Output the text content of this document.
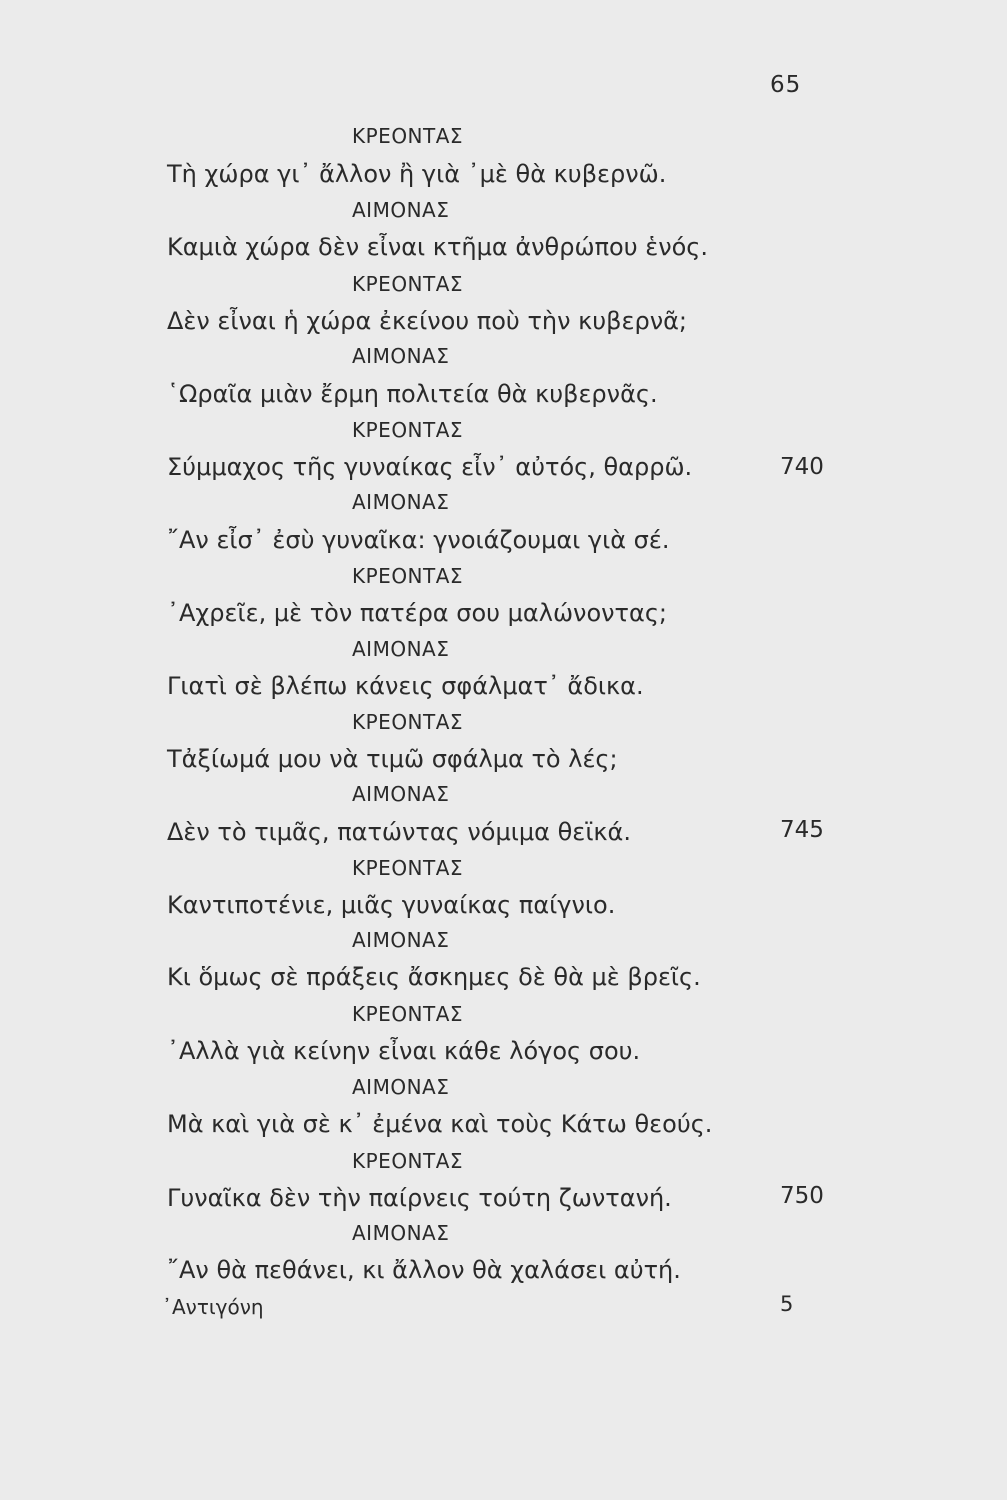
65
ΚΡΕΟΝΤΑΣ
Τὴ χώρα γι᾿ ἄλλον ἢ γιὰ ᾿μὲ θὰ κυβερνῶ.
ΑΙΜΟΝΑΣ
Καμιὰ χώρα δὲν εἶναι κτῆμα ἀνθρώπου ἑνός.
ΚΡΕΟΝΤΑΣ
Δὲν εἶναι ἡ χώρα ἐκείνου ποὺ τὴν κυβερνᾶ;
ΑΙΜΟΝΑΣ
῾Ωραῖα μιὰν ἔρμη πολιτεία θὰ κυβερνᾶς.
ΚΡΕΟΝΤΑΣ
Σύμμαχος τῆς γυναίκας εἶν᾿ αὐτός, θαρρῶ.	740
ΑΙΜΟΝΑΣ
῎Αν εἶσ᾿ ἐσὺ γυναῖκα: γνοιάζουμαι γιὰ σέ.
ΚΡΕΟΝΤΑΣ
᾿Αχρεῖε, μὲ τὸν πατέρα σου μαλώνοντας;
ΑΙΜΟΝΑΣ
Γιατὶ σὲ βλέπω κάνεις σφάλματ᾿ ἄδικα.
ΚΡΕΟΝΤΑΣ
Τἀξίωμά μου νὰ τιμῶ σφάλμα τὸ λές;
ΑΙΜΟΝΑΣ
Δὲν τὸ τιμᾶς, πατώντας νόμιμα θεϊκά.	745
ΚΡΕΟΝΤΑΣ
Καντιποτένιε, μιᾶς γυναίκας παίγνιο.
ΑΙΜΟΝΑΣ
Κι ὅμως σὲ πράξεις ἄσκημες δὲ θὰ μὲ βρεῖς.
ΚΡΕΟΝΤΑΣ
᾿Αλλὰ γιὰ κείνην εἶναι κάθε λόγος σου.
ΑΙΜΟΝΑΣ
Μὰ καὶ γιὰ σὲ κ᾿ ἐμένα καὶ τοὺς Κάτω θεούς.
ΚΡΕΟΝΤΑΣ
Γυναῖκα δὲν τὴν παίρνεις τούτη ζωντανή.	750
ΑΙΜΟΝΑΣ
῎Αν θὰ πεθάνει, κι ἄλλον θὰ χαλάσει αὐτή.
᾿Αντιγόνη	5
